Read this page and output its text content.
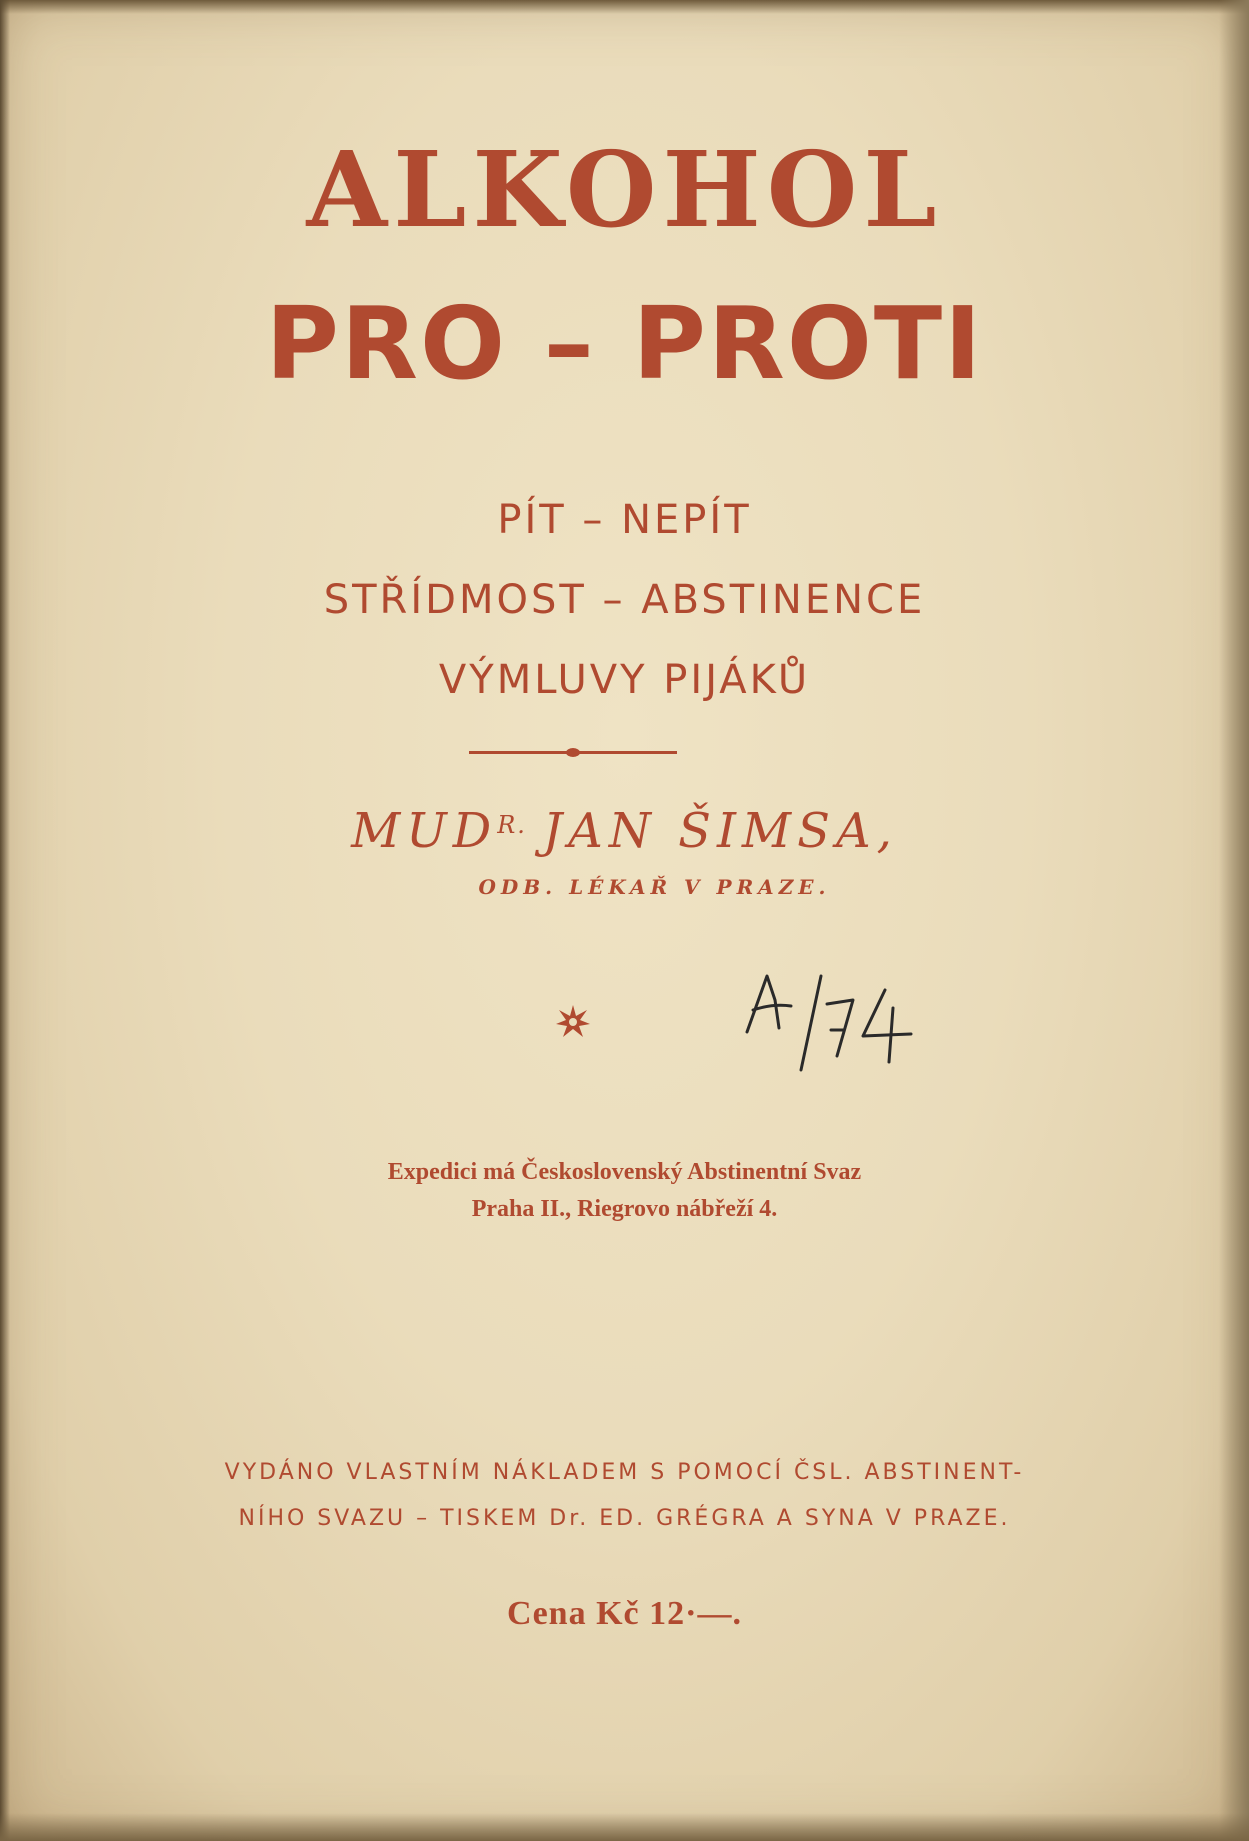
ALKOHOL
PRO – PROTI
PÍT – NEPÍT
STŘÍDMOST – ABSTINENCE
VÝMLUVY PIJÁKŮ
$MUD^{R.}$ JAN ŠIMSA,
ODB. LÉKAŘ V PRAZE.
Expedici má Československý Abstinentní Svaz
Praha II., Riegrovo nábřeží 4.
VYDÁNO VLASTNÍM NÁKLADEM S POMOCÍ ČSL. ABSTINENT-
NÍHO SVAZU – TISKEM Dr. ED. GRÉGRA A SYNA V PRAZE.
Cena Kč 12·—.
